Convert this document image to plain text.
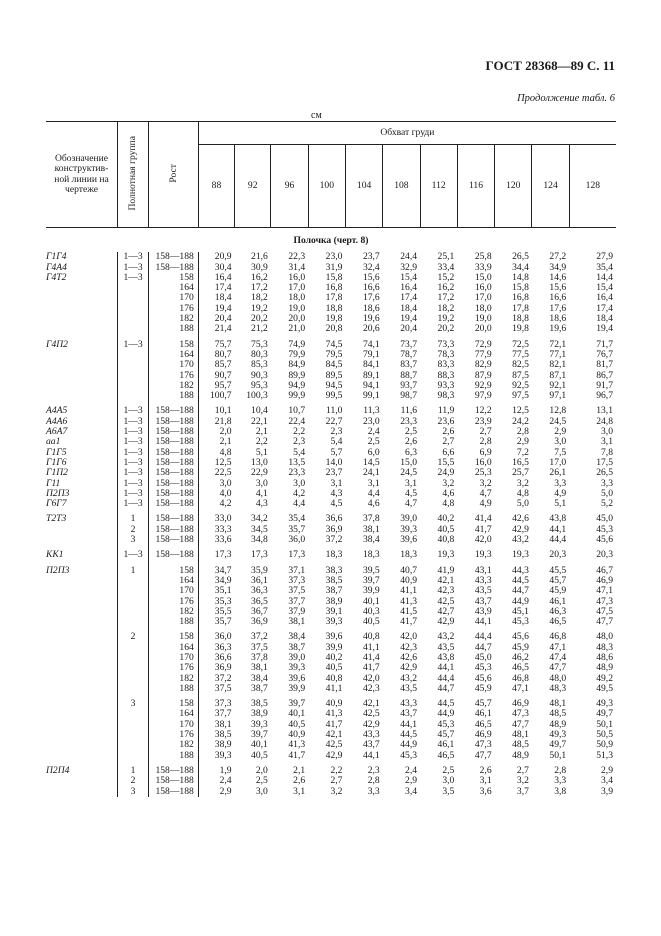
ГОСТ 28368—89 С. 11
Продолжение табл. 6
см
Обозначение конструктив-ной линии на чертеже	Полнотная группа	Рост	Обхват груди										
			88	92	96	100	104	108	112	116	120	124	128
Полочка (черт. 8)													
Г1Г4	1—3	158—188	20,9	21,6	22,3	23,0	23,7	24,4	25,1	25,8	26,5	27,2	27,9
Г4А4	1—3	158—188	30,4	30,9	31,4	31,9	32,4	32,9	33,4	33,9	34,4	34,9	35,4
Г4Т2	1—3	158	16,4	16,2	16,0	15,8	15,6	15,4	15,2	15,0	14,8	14,6	14,4
		164	17,4	17,2	17,0	16,8	16,6	16,4	16,2	16,0	15,8	15,6	15,4
		170	18,4	18,2	18,0	17,8	17,6	17,4	17,2	17,0	16,8	16,6	16,4
		176	19,4	19,2	19,0	18,8	18,6	18,4	18,2	18,0	17,8	17,6	17,4
		182	20,4	20,2	20,0	19,8	19,6	19,4	19,2	19,0	18,8	18,6	18,4
		188	21,4	21,2	21,0	20,8	20,6	20,4	20,2	20,0	19,8	19,6	19,4

Г4П2	1—3	158	75,7	75,3	74,9	74,5	74,1	73,7	73,3	72,9	72,5	72,1	71,7
		164	80,7	80,3	79,9	79,5	79,1	78,7	78,3	77,9	77,5	77,1	76,7
		170	85,7	85,3	84,9	84,5	84,1	83,7	83,3	82,9	82,5	82,1	81,7
		176	90,7	90,3	89,9	89,5	89,1	88,7	88,3	87,9	87,5	87,1	86,7
		182	95,7	95,3	94,9	94,5	94,1	93,7	93,3	92,9	92,5	92,1	91,7
		188	100,7	100,3	99,9	99,5	99,1	98,7	98,3	97,9	97,5	97,1	96,7

А4А5	1—3	158—188	10,1	10,4	10,7	11,0	11,3	11,6	11,9	12,2	12,5	12,8	13,1
А4А6	1—3	158—188	21,8	22,1	22,4	22,7	23,0	23,3	23,6	23,9	24,2	24,5	24,8
А6А7	1—3	158—188	2,0	2,1	2,2	2,3	2,4	2,5	2,6	2,7	2,8	2,9	3,0
аа1	1—3	158—188	2,1	2,2	2,3	5,4	2,5	2,6	2,7	2,8	2,9	3,0	3,1
Г1Г5	1—3	158—188	4,8	5,1	5,4	5,7	6,0	6,3	6,6	6,9	7,2	7,5	7,8
Г1Г6	1—3	158—188	12,5	13,0	13,5	14,0	14,5	15,0	15,5	16,0	16,5	17,0	17,5
Г1П2	1—3	158—188	22,5	22,9	23,3	23,7	24,1	24,5	24,9	25,3	25,7	26,1	26,5
Г11	1—3	158—188	3,0	3,0	3,0	3,1	3,1	3,1	3,2	3,2	3,2	3,3	3,3
П2П3	1—3	158—188	4,0	4,1	4,2	4,3	4,4	4,5	4,6	4,7	4,8	4,9	5,0
Г6Г7	1—3	158—188	4,2	4,3	4,4	4,5	4,6	4,7	4,8	4,9	5,0	5,1	5,2

Т2Т3	1	158—188	33,0	34,2	35,4	36,6	37,8	39,0	40,2	41,4	42,6	43,8	45,0
	2	158—188	33,3	34,5	35,7	36,9	38,1	39,3	40,5	41,7	42,9	44,1	45,3
	3	158—188	33,6	34,8	36,0	37,2	38,4	39,6	40,8	42,0	43,2	44,4	45,6

КК1	1—3	158—188	17,3	17,3	17,3	18,3	18,3	18,3	19,3	19,3	19,3	20,3	20,3

П2П3	1	158	34,7	35,9	37,1	38,3	39,5	40,7	41,9	43,1	44,3	45,5	46,7
		164	34,9	36,1	37,3	38,5	39,7	40,9	42,1	43,3	44,5	45,7	46,9
		170	35,1	36,3	37,5	38,7	39,9	41,1	42,3	43,5	44,7	45,9	47,1
		176	35,3	36,5	37,7	38,9	40,1	41,3	42,5	43,7	44,9	46,1	47,3
		182	35,5	36,7	37,9	39,1	40,3	41,5	42,7	43,9	45,1	46,3	47,5
		188	35,7	36,9	38,1	39,3	40,5	41,7	42,9	44,1	45,3	46,5	47,7

	2	158	36,0	37,2	38,4	39,6	40,8	42,0	43,2	44,4	45,6	46,8	48,0
		164	36,3	37,5	38,7	39,9	41,1	42,3	43,5	44,7	45,9	47,1	48,3
		170	36,6	37,8	39,0	40,2	41,4	42,6	43,8	45,0	46,2	47,4	48,6
		176	36,9	38,1	39,3	40,5	41,7	42,9	44,1	45,3	46,5	47,7	48,9
		182	37,2	38,4	39,6	40,8	42,0	43,2	44,4	45,6	46,8	48,0	49,2
		188	37,5	38,7	39,9	41,1	42,3	43,5	44,7	45,9	47,1	48,3	49,5

	3	158	37,3	38,5	39,7	40,9	42,1	43,3	44,5	45,7	46,9	48,1	49,3
		164	37,7	38,9	40,1	41,3	42,5	43,7	44,9	46,1	47,3	48,5	49,7
		170	38,1	39,3	40,5	41,7	42,9	44,1	45,3	46,5	47,7	48,9	50,1
		176	38,5	39,7	40,9	42,1	43,3	44,5	45,7	46,9	48,1	49,3	50,5
		182	38,9	40,1	41,3	42,5	43,7	44,9	46,1	47,3	48,5	49,7	50,9
		188	39,3	40,5	41,7	42,9	44,1	45,3	46,5	47,7	48,9	50,1	51,3

П2П4	1	158—188	1,9	2,0	2,1	2,2	2,3	2,4	2,5	2,6	2,7	2,8	2,9
	2	158—188	2,4	2,5	2,6	2,7	2,8	2,9	3,0	3,1	3,2	3,3	3,4
	3	158—188	2,9	3,0	3,1	3,2	3,3	3,4	3,5	3,6	3,7	3,8	3,9
